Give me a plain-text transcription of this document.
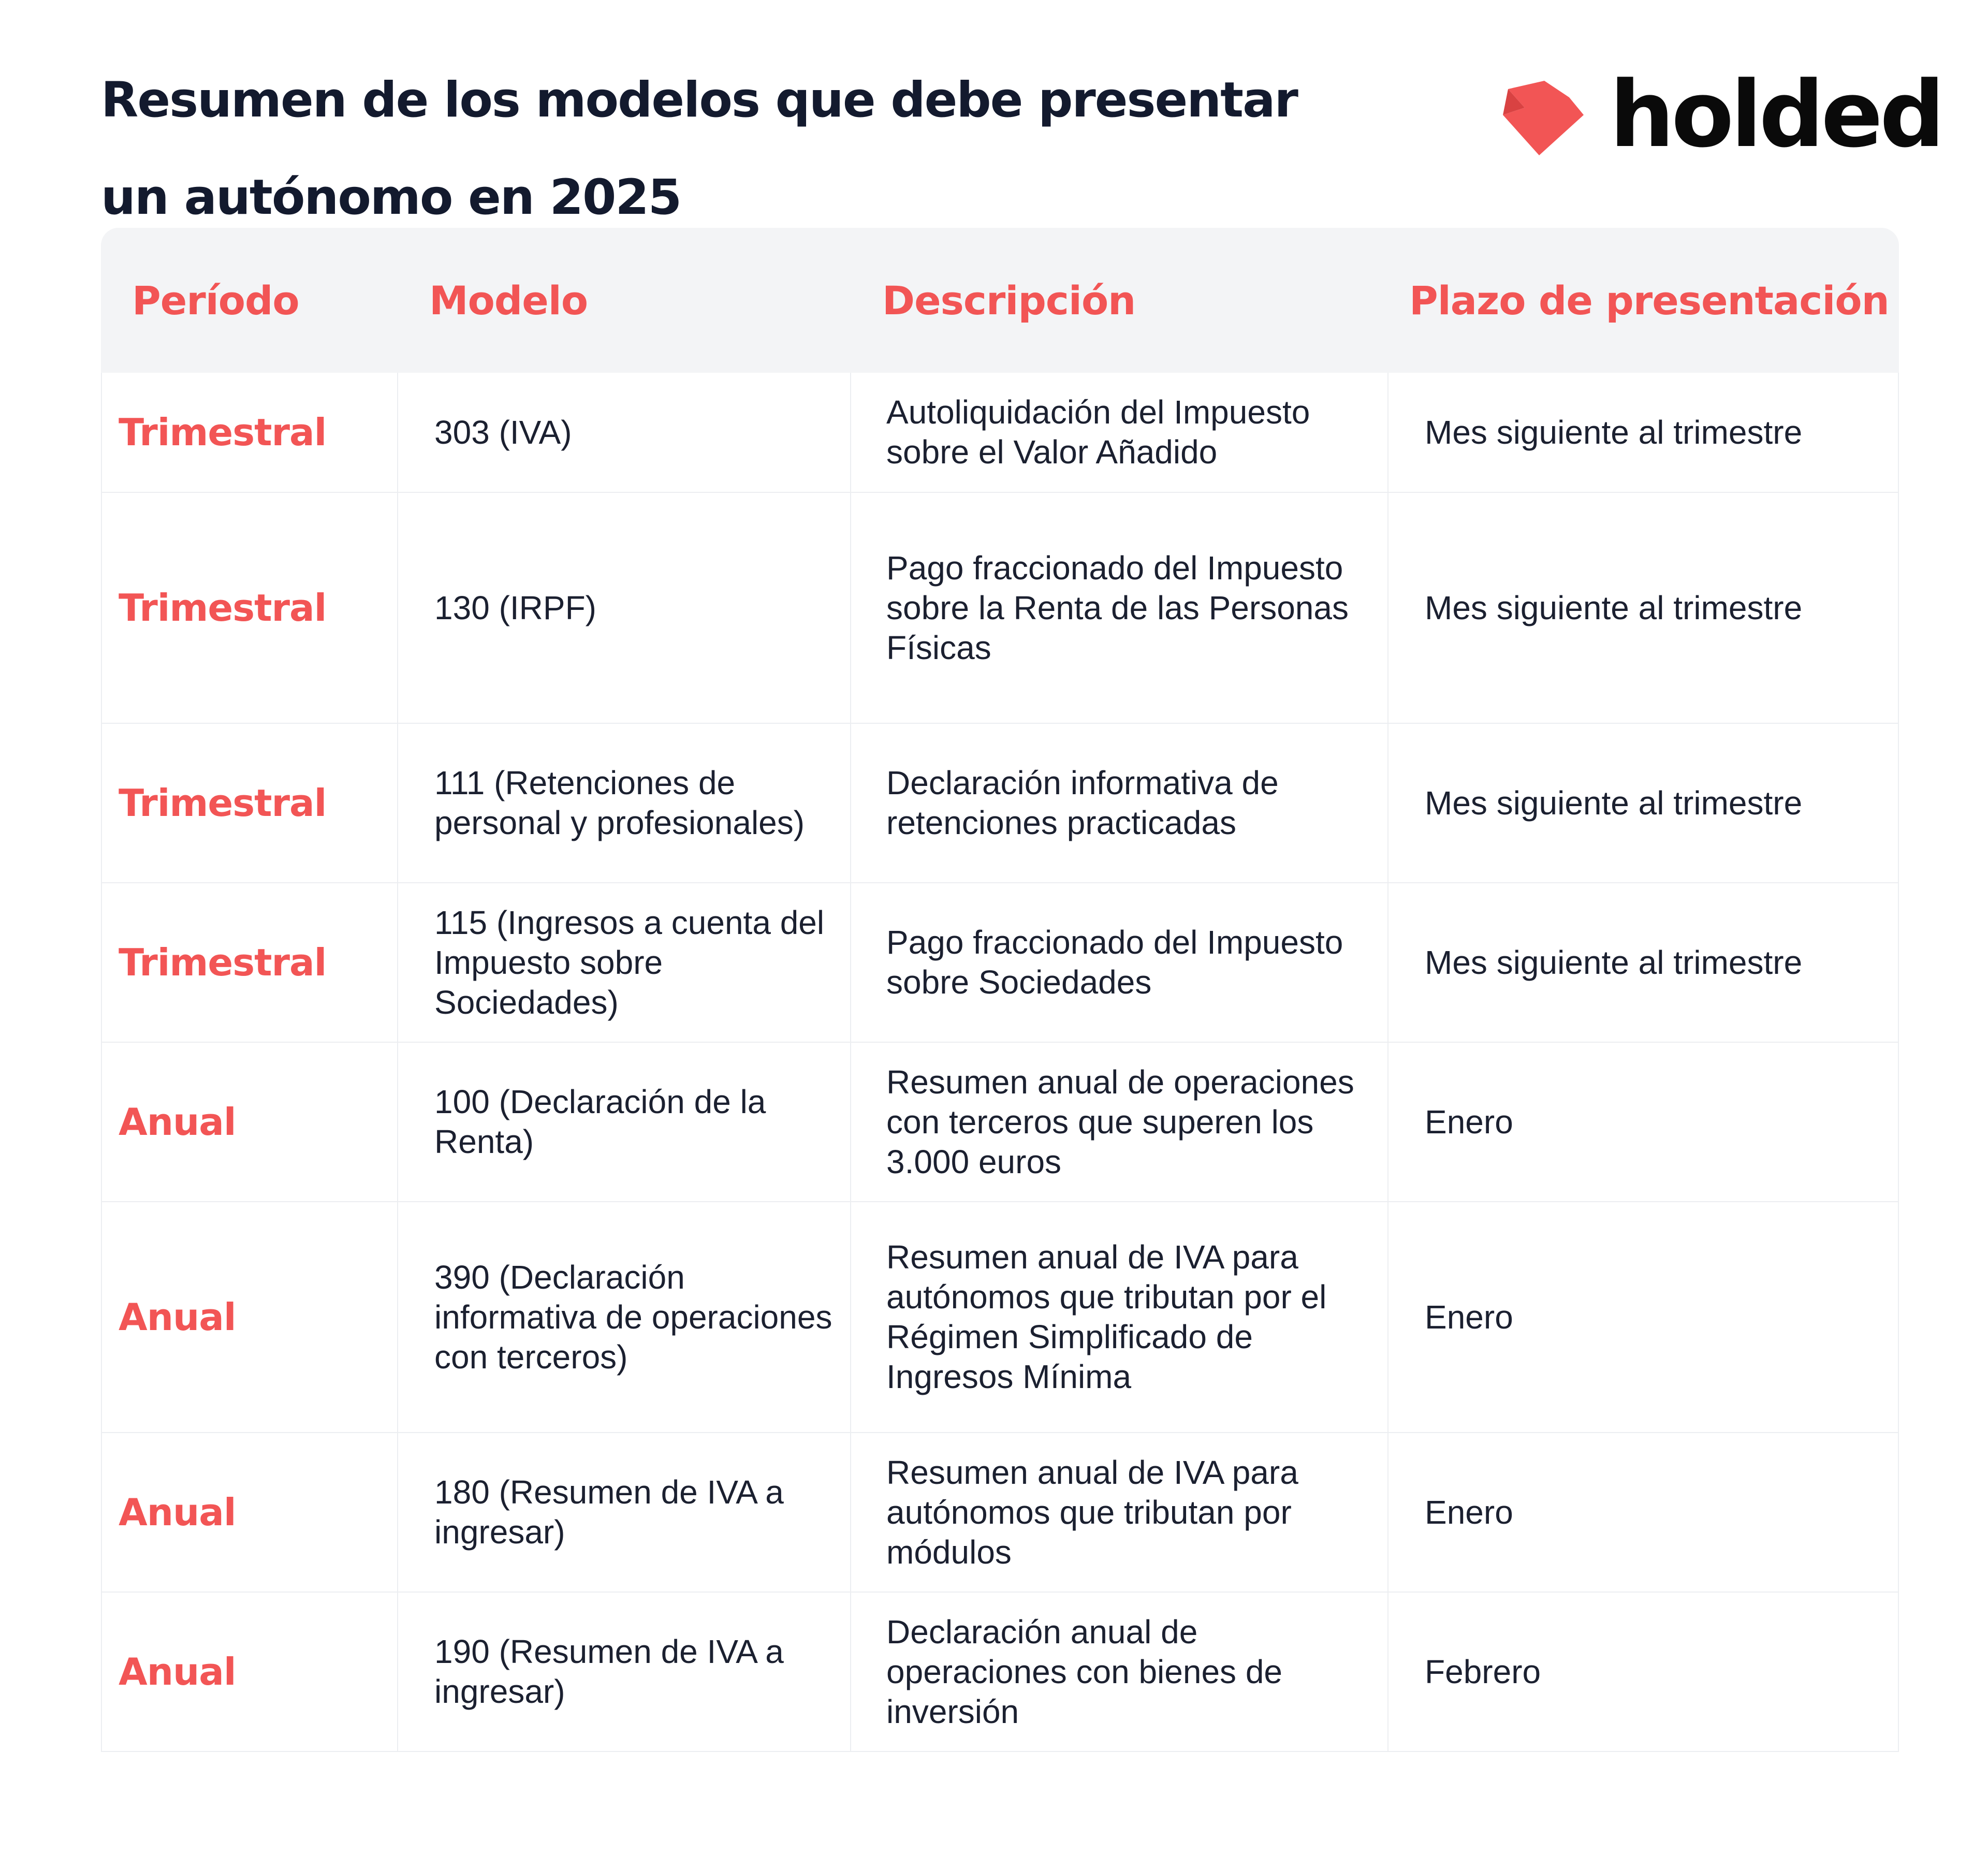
Resumen de los modelos que debe presentar
un autónomo en 2025
holded
Período	Modelo	Descripción	Plazo de presentación
Trimestral	303 (IVA)	Autoliquidación del Impuesto sobre el Valor Añadido	Mes siguiente al trimestre
Trimestral	130 (IRPF)	Pago fraccionado del Impuesto sobre la Renta de las Personas Físicas	Mes siguiente al trimestre
Trimestral	111 (Retenciones de personal y profesionales)	Declaración informativa de retenciones practicadas	Mes siguiente al trimestre
Trimestral	115 (Ingresos a cuenta del Impuesto sobre Sociedades)	Pago fraccionado del Impuesto sobre Sociedades	Mes siguiente al trimestre
Anual	100 (Declaración de la Renta)	Resumen anual de operaciones con terceros que superen los 3.000 euros	Enero
Anual	390 (Declaración informativa de operaciones con terceros)	Resumen anual de IVA para autónomos que tributan por el Régimen Simplificado de Ingresos Mínima	Enero
Anual	180 (Resumen de IVA a ingresar)	Resumen anual de IVA para autónomos que tributan por módulos	Enero
Anual	190 (Resumen de IVA a ingresar)	Declaración anual de operaciones con bienes de inversión	Febrero
